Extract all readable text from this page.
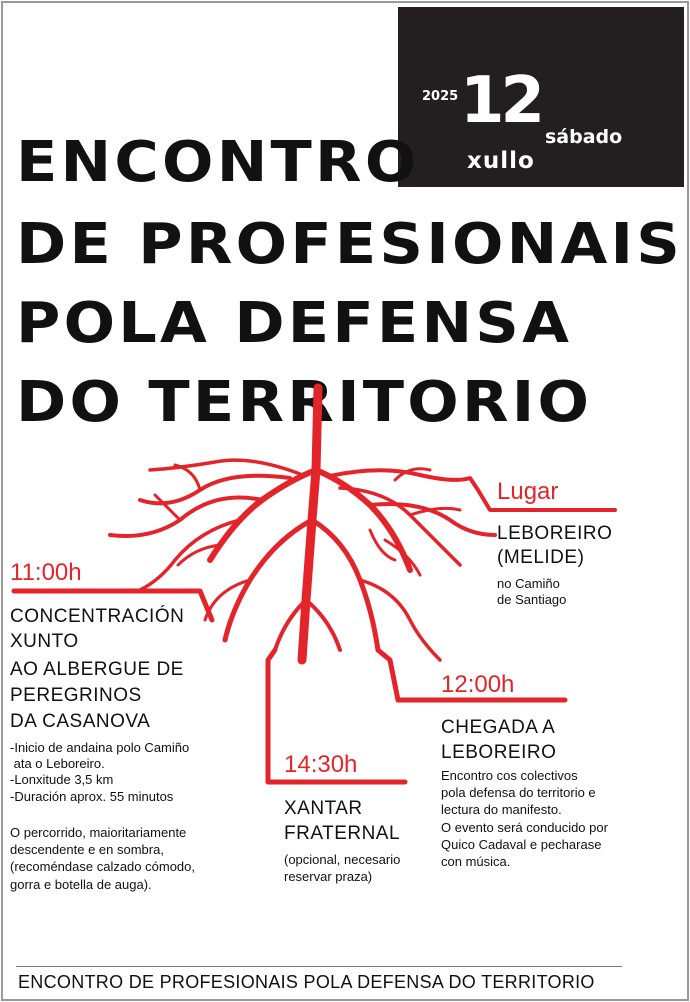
2025 12 sábado
xullo
ENCONTRO
DE PROFESIONAIS
POLA DEFENSA
DO TERRITORIO
Lugar
LEBOREIRO
(MELIDE)
no Camiño
de Santiago
11:00h
CONCENTRACIÓN
XUNTO
AO ALBERGUE DE
PEREGRINOS
DA CASANOVA
-Inicio de andaina polo Camiño
ata o Leboreiro.
-Lonxitude 3,5 km
-Duración aprox. 55 minutos
O percorrido, maioritariamente
descendente e en sombra,
(recoméndase calzado cómodo,
gorra e botella de auga).
12:00h
CHEGADA A
LEBOREIRO
Encontro cos colectivos
pola defensa do territorio e
lectura do manifesto.
O evento será conducido por
Quico Cadaval e pecharase
con música.
14:30h
XANTAR
FRATERNAL
(opcional, necesario
reservar praza)
ENCONTRO DE PROFESIONAIS POLA DEFENSA DO TERRITORIO
